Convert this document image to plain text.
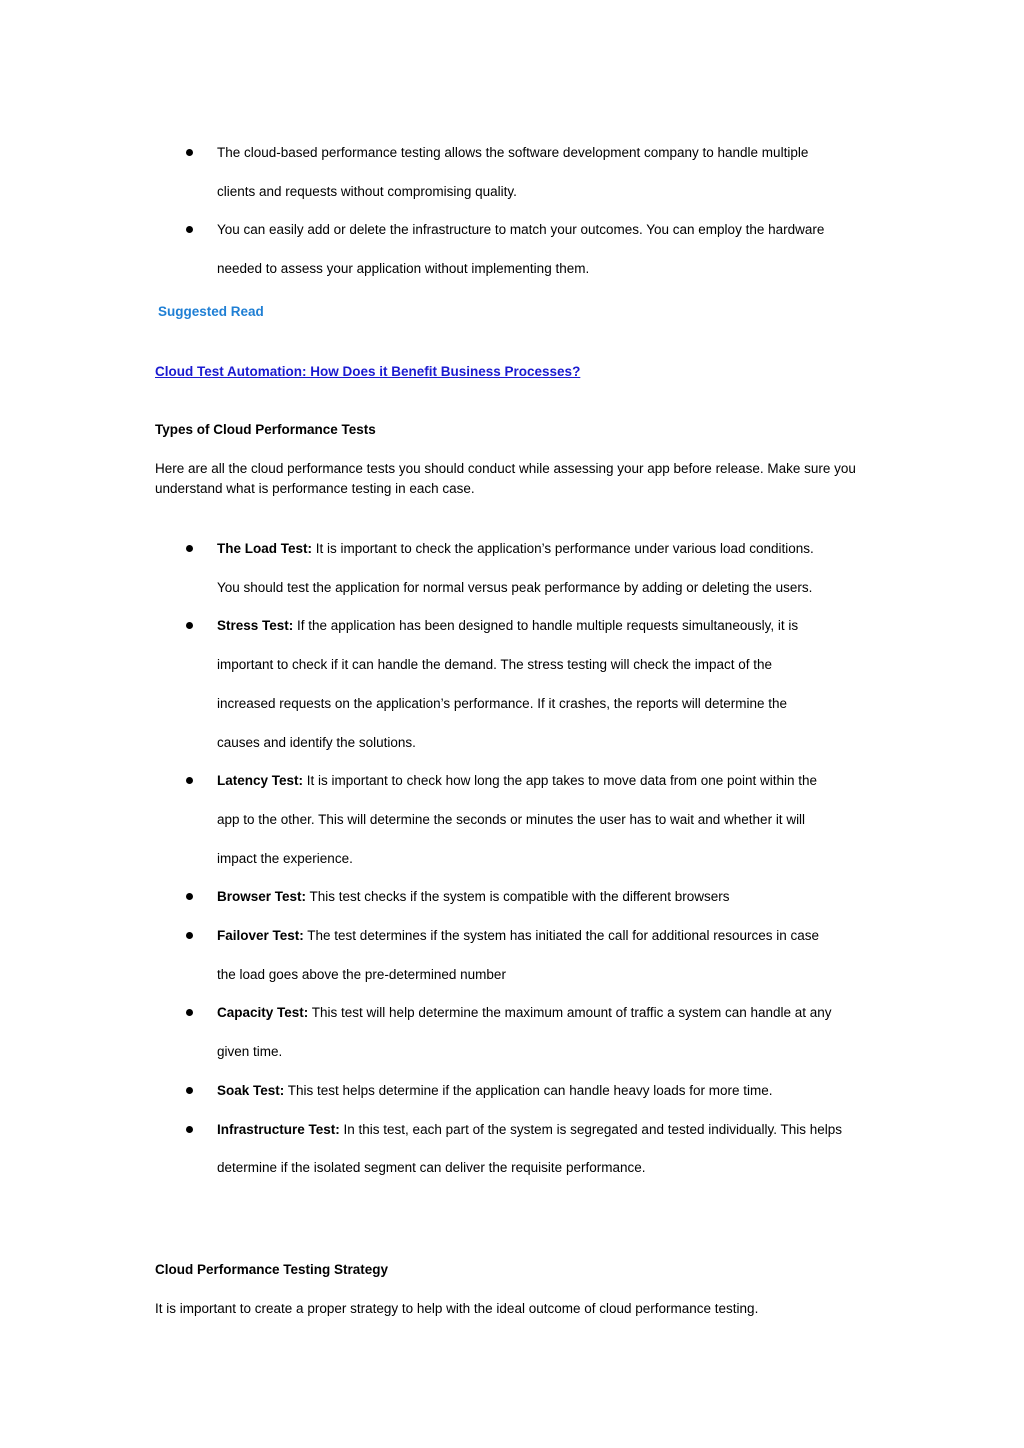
The cloud-based performance testing allows the software development company to handle multiple
clients and requests without compromising quality.
You can easily add or delete the infrastructure to match your outcomes. You can employ the hardware
needed to assess your application without implementing them.
Suggested Read
Cloud Test Automation: How Does it Benefit Business Processes?
Types of Cloud Performance Tests
Here are all the cloud performance tests you should conduct while assessing your app before release. Make sure you understand what is performance testing in each case.
The Load Test: It is important to check the application’s performance under various load conditions.
You should test the application for normal versus peak performance by adding or deleting the users.
Stress Test: If the application has been designed to handle multiple requests simultaneously, it is
important to check if it can handle the demand. The stress testing will check the impact of the
increased requests on the application’s performance. If it crashes, the reports will determine the
causes and identify the solutions.
Latency Test: It is important to check how long the app takes to move data from one point within the
app to the other. This will determine the seconds or minutes the user has to wait and whether it will
impact the experience.
Browser Test: This test checks if the system is compatible with the different browsers
Failover Test: The test determines if the system has initiated the call for additional resources in case
the load goes above the pre-determined number
Capacity Test: This test will help determine the maximum amount of traffic a system can handle at any
given time.
Soak Test: This test helps determine if the application can handle heavy loads for more time.
Infrastructure Test: In this test, each part of the system is segregated and tested individually. This helps
determine if the isolated segment can deliver the requisite performance.
Cloud Performance Testing Strategy
It is important to create a proper strategy to help with the ideal outcome of cloud performance testing.
